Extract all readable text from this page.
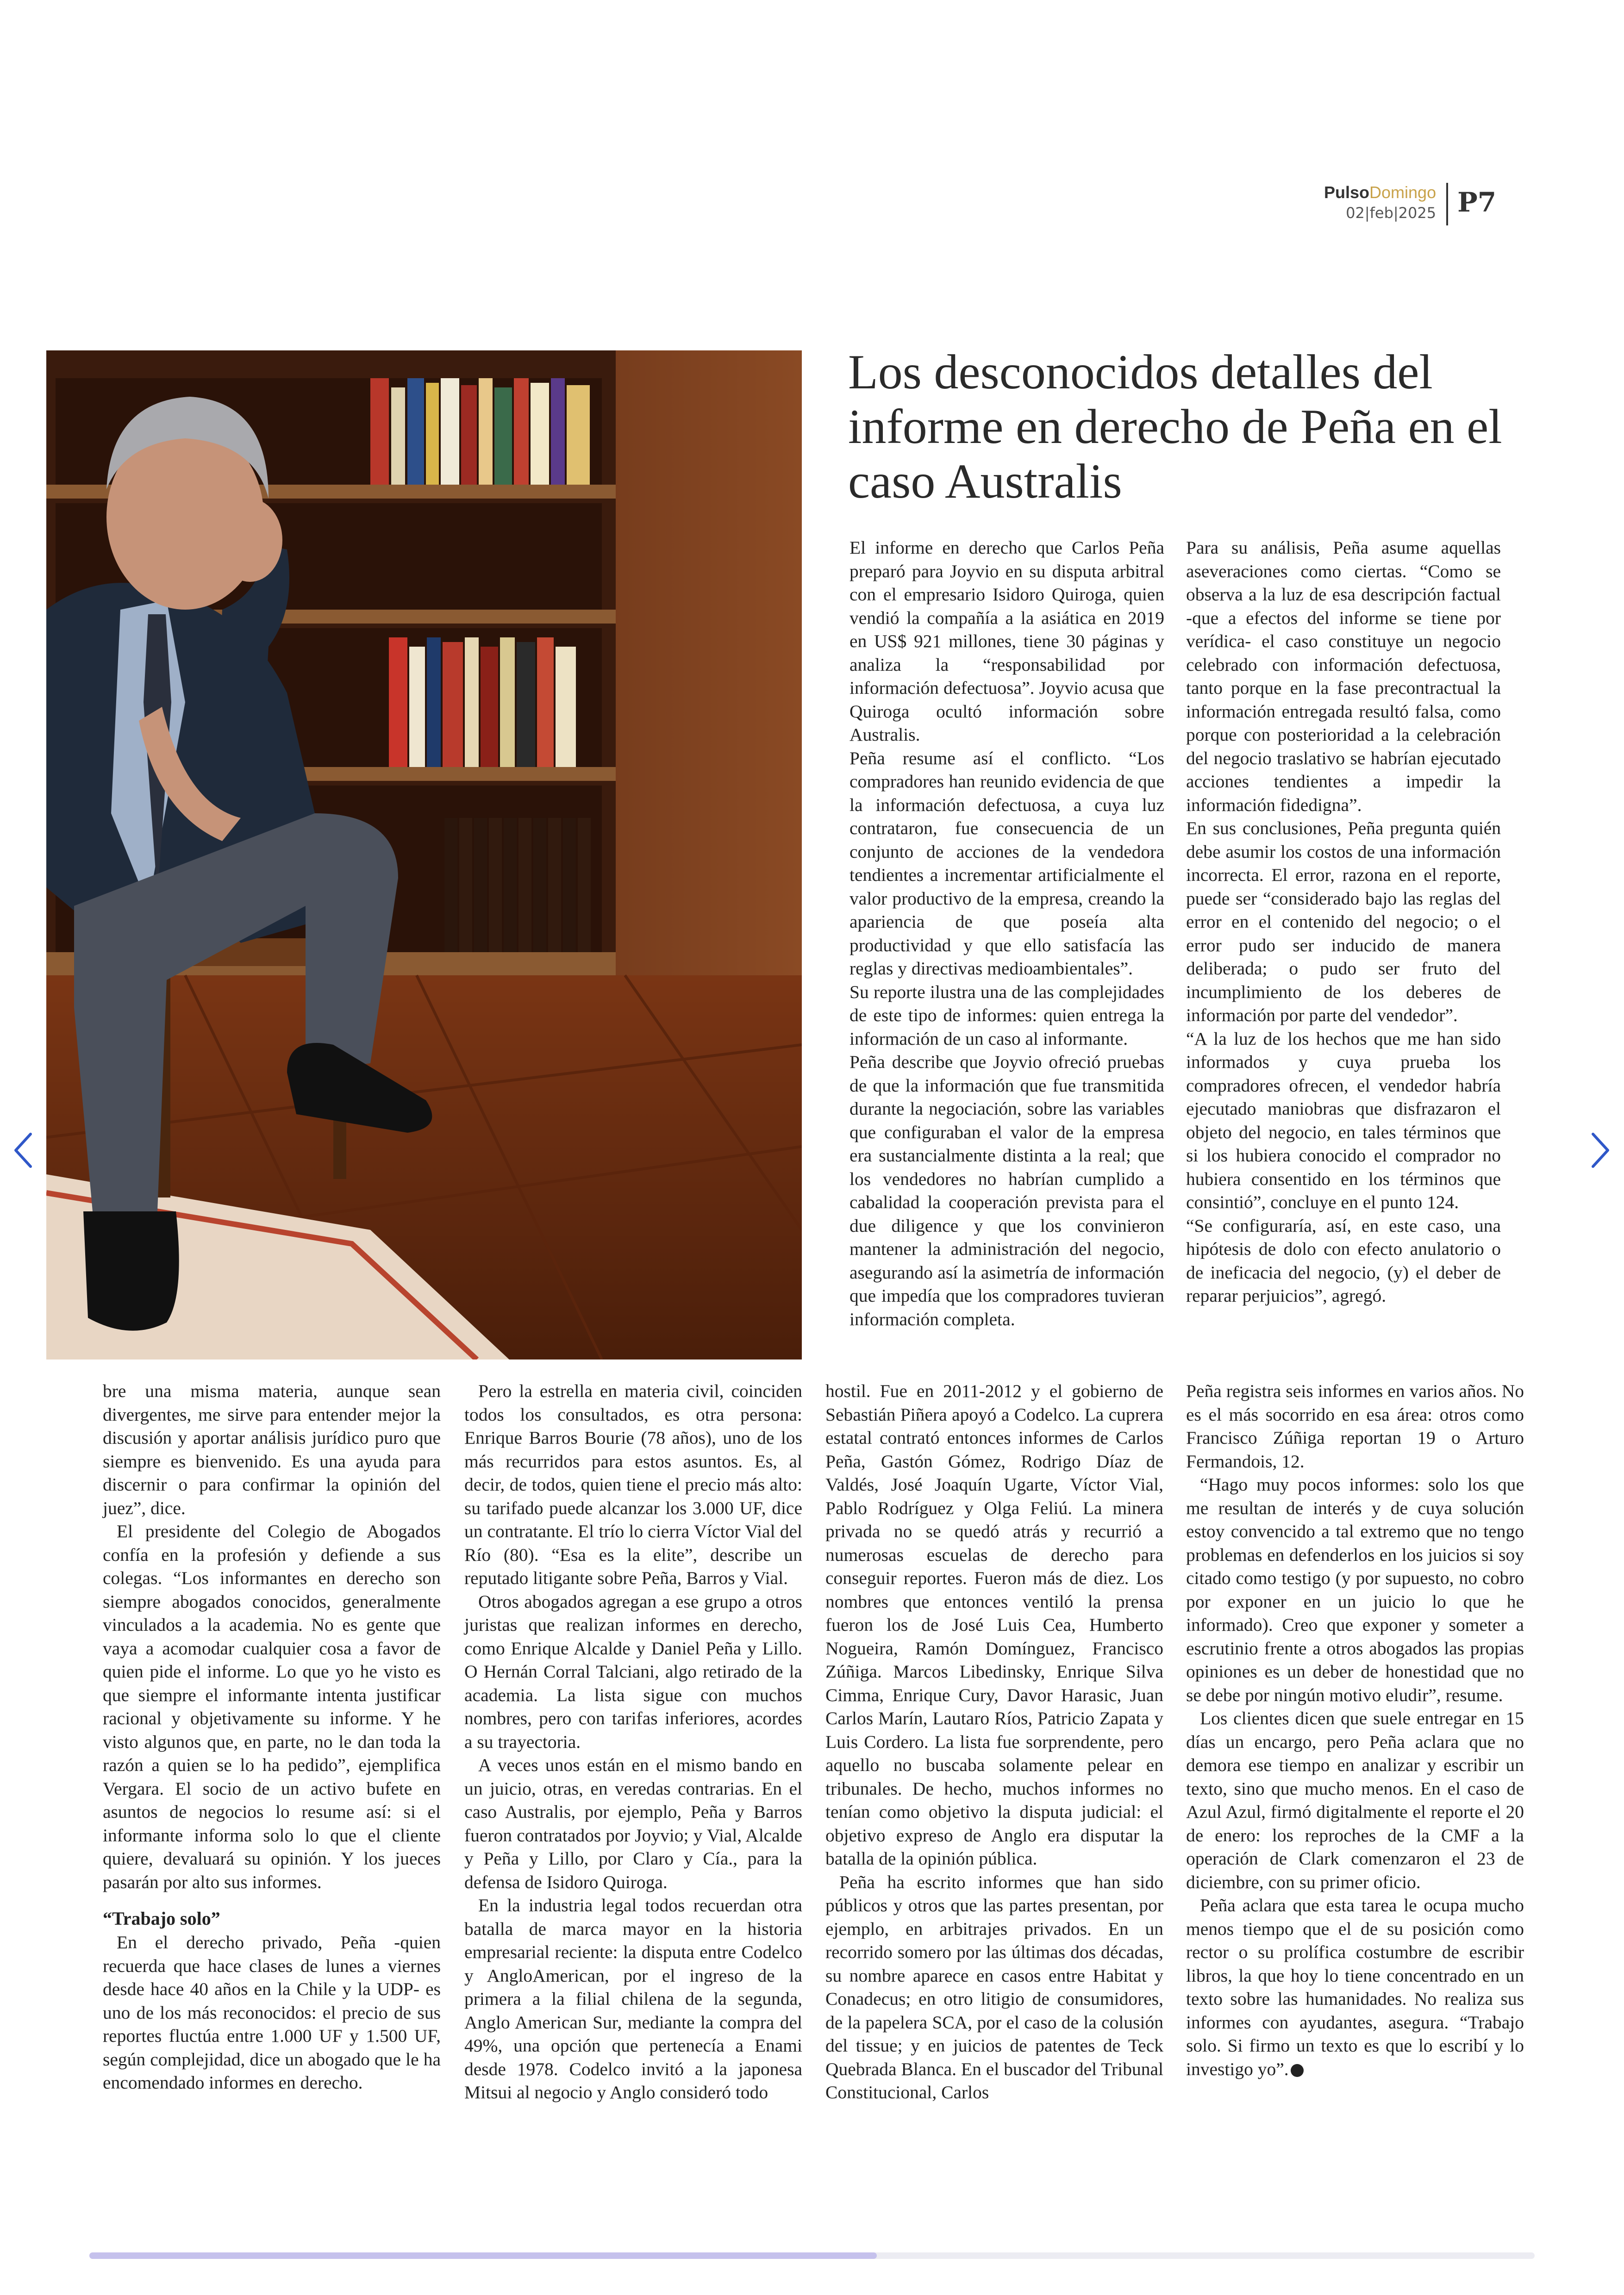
PulsoDomingo
02|feb|2025 P7
Los desconocidos detalles del informe en derecho de Peña en el caso Australis

El informe en derecho que Carlos Peña preparó para Joyvio en su disputa arbitral con el empresario Isidoro Quiroga, quien vendió la compañía a la asiática en 2019 en US$ 921 millones, tiene 30 páginas y analiza la “responsabilidad por información defectuosa”. Joyvio acusa que Quiroga ocultó información sobre Australis.

Peña resume así el conflicto. “Los compradores han reunido evidencia de que la información defectuosa, a cuya luz contrataron, fue consecuencia de un conjunto de acciones de la vendedora tendientes a incrementar artificialmente el valor productivo de la empresa, creando la apariencia de que poseía alta productividad y que ello satisfacía las reglas y directivas medioambientales”.

Su reporte ilustra una de las complejidades de este tipo de informes: quien entrega la información de un caso al informante.

Peña describe que Joyvio ofreció pruebas de que la información que fue transmitida durante la negociación, sobre las variables que configuraban el valor de la empresa era sustancialmente distinta a la real; que los vendedores no habrían cumplido a cabalidad la cooperación prevista para el due diligence y que los convinieron mantener la administración del negocio, asegurando así la asimetría de información que impedía que los compradores tuvieran información completa.

Para su análisis, Peña asume aquellas aseveraciones como ciertas. “Como se observa a la luz de esa descripción factual -que a efectos del informe se tiene por verídica- el caso constituye un negocio celebrado con información defectuosa, tanto porque en la fase precontractual la información entregada resultó falsa, como porque con posterioridad a la celebración del negocio traslativo se habrían ejecutado acciones tendientes a impedir la información fidedigna”.

En sus conclusiones, Peña pregunta quién debe asumir los costos de una información incorrecta. El error, razona en el reporte, puede ser “considerado bajo las reglas del error en el contenido del negocio; o el error pudo ser inducido de manera deliberada; o pudo ser fruto del incumplimiento de los deberes de información por parte del vendedor”.

“A la luz de los hechos que me han sido informados y cuya prueba los compradores ofrecen, el vendedor habría ejecutado maniobras que disfrazaron el objeto del negocio, en tales términos que si los hubiera conocido el comprador no hubiera consentido en los términos que consintió”, concluye en el punto 124.

“Se configuraría, así, en este caso, una hipótesis de dolo con efecto anulatorio o de ineficacia del negocio, (y) el deber de reparar perjuicios”, agregó.

bre una misma materia, aunque sean divergentes, me sirve para entender mejor la discusión y aportar análisis jurídico puro que siempre es bienvenido. Es una ayuda para discernir o para confirmar la opinión del juez”, dice.

El presidente del Colegio de Abogados confía en la profesión y defiende a sus colegas. “Los informantes en derecho son siempre abogados conocidos, generalmente vinculados a la academia. No es gente que vaya a acomodar cualquier cosa a favor de quien pide el informe. Lo que yo he visto es que siempre el informante intenta justificar racional y objetivamente su informe. Y he visto algunos que, en parte, no le dan toda la razón a quien se lo ha pedido”, ejemplifica Vergara. El socio de un activo bufete en asuntos de negocios lo resume así: si el informante informa solo lo que el cliente quiere, devaluará su opinión. Y los jueces pasarán por alto sus informes.

“Trabajo solo”

En el derecho privado, Peña -quien recuerda que hace clases de lunes a viernes desde hace 40 años en la Chile y la UDP- es uno de los más reconocidos: el precio de sus reportes fluctúa entre 1.000 UF y 1.500 UF, según complejidad, dice un abogado que le ha encomendado informes en derecho.

Pero la estrella en materia civil, coinciden todos los consultados, es otra persona: Enrique Barros Bourie (78 años), uno de los más recurridos para estos asuntos. Es, al decir, de todos, quien tiene el precio más alto: su tarifado puede alcanzar los 3.000 UF, dice un contratante. El trío lo cierra Víctor Vial del Río (80). “Esa es la elite”, describe un reputado litigante sobre Peña, Barros y Vial.

Otros abogados agregan a ese grupo a otros juristas que realizan informes en derecho, como Enrique Alcalde y Daniel Peña y Lillo. O Hernán Corral Talciani, algo retirado de la academia. La lista sigue con muchos nombres, pero con tarifas inferiores, acordes a su trayectoria.

A veces unos están en el mismo bando en un juicio, otras, en veredas contrarias. En el caso Australis, por ejemplo, Peña y Barros fueron contratados por Joyvio; y Vial, Alcalde y Peña y Lillo, por Claro y Cía., para la defensa de Isidoro Quiroga.

En la industria legal todos recuerdan otra batalla de marca mayor en la historia empresarial reciente: la disputa entre Codelco y AngloAmerican, por el ingreso de la primera a la filial chilena de la segunda, Anglo American Sur, mediante la compra del 49%, una opción que pertenecía a Enami desde 1978. Codelco invitó a la japonesa Mitsui al negocio y Anglo consideró todo

hostil. Fue en 2011-2012 y el gobierno de Sebastián Piñera apoyó a Codelco. La cuprera estatal contrató entonces informes de Carlos Peña, Gastón Gómez, Rodrigo Díaz de Valdés, José Joaquín Ugarte, Víctor Vial, Pablo Rodríguez y Olga Feliú. La minera privada no se quedó atrás y recurrió a numerosas escuelas de derecho para conseguir reportes. Fueron más de diez. Los nombres que entonces ventiló la prensa fueron los de José Luis Cea, Humberto Nogueira, Ramón Domínguez, Francisco Zúñiga. Marcos Libedinsky, Enrique Silva Cimma, Enrique Cury, Davor Harasic, Juan Carlos Marín, Lautaro Ríos, Patricio Zapata y Luis Cordero. La lista fue sorprendente, pero aquello no buscaba solamente pelear en tribunales. De hecho, muchos informes no tenían como objetivo la disputa judicial: el objetivo expreso de Anglo era disputar la batalla de la opinión pública.

Peña ha escrito informes que han sido públicos y otros que las partes presentan, por ejemplo, en arbitrajes privados. En un recorrido somero por las últimas dos décadas, su nombre aparece en casos entre Habitat y Conadecus; en otro litigio de consumidores, de la papelera SCA, por el caso de la colusión del tissue; y en juicios de patentes de Teck Quebrada Blanca. En el buscador del Tribunal Constitucional, Carlos

Peña registra seis informes en varios años. No es el más socorrido en esa área: otros como Francisco Zúñiga reportan 19 o Arturo Fermandois, 12.

“Hago muy pocos informes: solo los que me resultan de interés y de cuya solución estoy convencido a tal extremo que no tengo problemas en defenderlos en los juicios si soy citado como testigo (y por supuesto, no cobro por exponer en un juicio lo que he informado). Creo que exponer y someter a escrutinio frente a otros abogados las propias opiniones es un deber de honestidad que no se debe por ningún motivo eludir”, resume.

Los clientes dicen que suele entregar en 15 días un encargo, pero Peña aclara que no demora ese tiempo en analizar y escribir un texto, sino que mucho menos. En el caso de Azul Azul, firmó digitalmente el reporte el 20 de enero: los reproches de la CMF a la operación de Clark comenzaron el 23 de diciembre, con su primer oficio.

Peña aclara que esta tarea le ocupa mucho menos tiempo que el de su posición como rector o su prolífica costumbre de escribir libros, la que hoy lo tiene concentrado en un texto sobre las humanidades. No realiza sus informes con ayudantes, asegura. “Trabajo solo. Si firmo un texto es que lo escribí y lo investigo yo”.
